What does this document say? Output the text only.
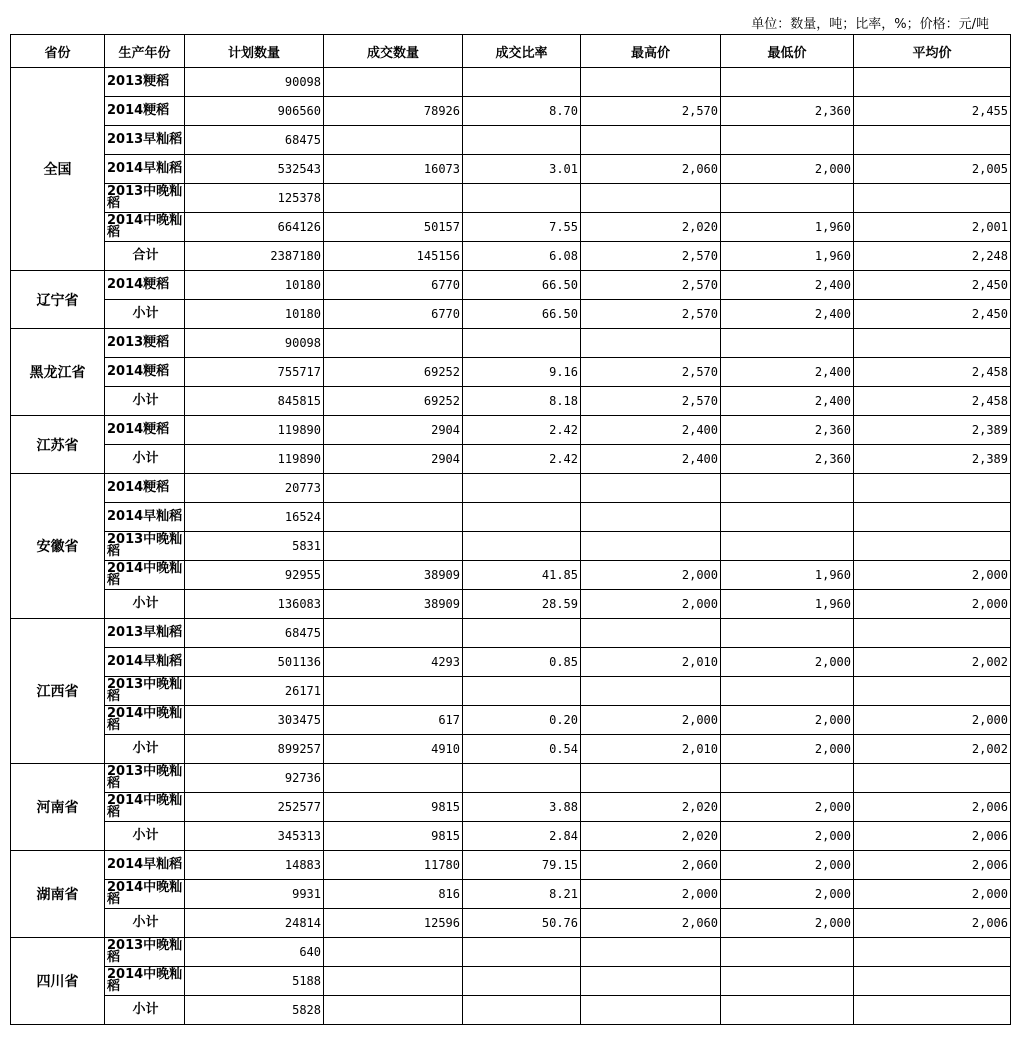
单位：数量，吨；比率，%；价格：元/吨
省份	生产年份	计划数量	成交数量	成交比率	最高价	最低价	平均价
全国	2013粳稻	90098					
	2014粳稻	906560	78926	8.70	2,570	2,360	2,455
	2013早籼稻	68475					
	2014早籼稻	532543	16073	3.01	2,060	2,000	2,005
	2013中晚籼稻	125378					
	2014中晚籼稻	664126	50157	7.55	2,020	1,960	2,001
	合计	2387180	145156	6.08	2,570	1,960	2,248
辽宁省	2014粳稻	10180	6770	66.50	2,570	2,400	2,450
	小计	10180	6770	66.50	2,570	2,400	2,450
黑龙江省	2013粳稻	90098					
	2014粳稻	755717	69252	9.16	2,570	2,400	2,458
	小计	845815	69252	8.18	2,570	2,400	2,458
江苏省	2014粳稻	119890	2904	2.42	2,400	2,360	2,389
	小计	119890	2904	2.42	2,400	2,360	2,389
安徽省	2014粳稻	20773					
	2014早籼稻	16524					
	2013中晚籼稻	5831					
	2014中晚籼稻	92955	38909	41.85	2,000	1,960	2,000
	小计	136083	38909	28.59	2,000	1,960	2,000
江西省	2013早籼稻	68475					
	2014早籼稻	501136	4293	0.85	2,010	2,000	2,002
	2013中晚籼稻	26171					
	2014中晚籼稻	303475	617	0.20	2,000	2,000	2,000
	小计	899257	4910	0.54	2,010	2,000	2,002
河南省	2013中晚籼稻	92736					
	2014中晚籼稻	252577	9815	3.88	2,020	2,000	2,006
	小计	345313	9815	2.84	2,020	2,000	2,006
湖南省	2014早籼稻	14883	11780	79.15	2,060	2,000	2,006
	2014中晚籼稻	9931	816	8.21	2,000	2,000	2,000
	小计	24814	12596	50.76	2,060	2,000	2,006
四川省	2013中晚籼稻	640					
	2014中晚籼稻	5188					
	小计	5828					
